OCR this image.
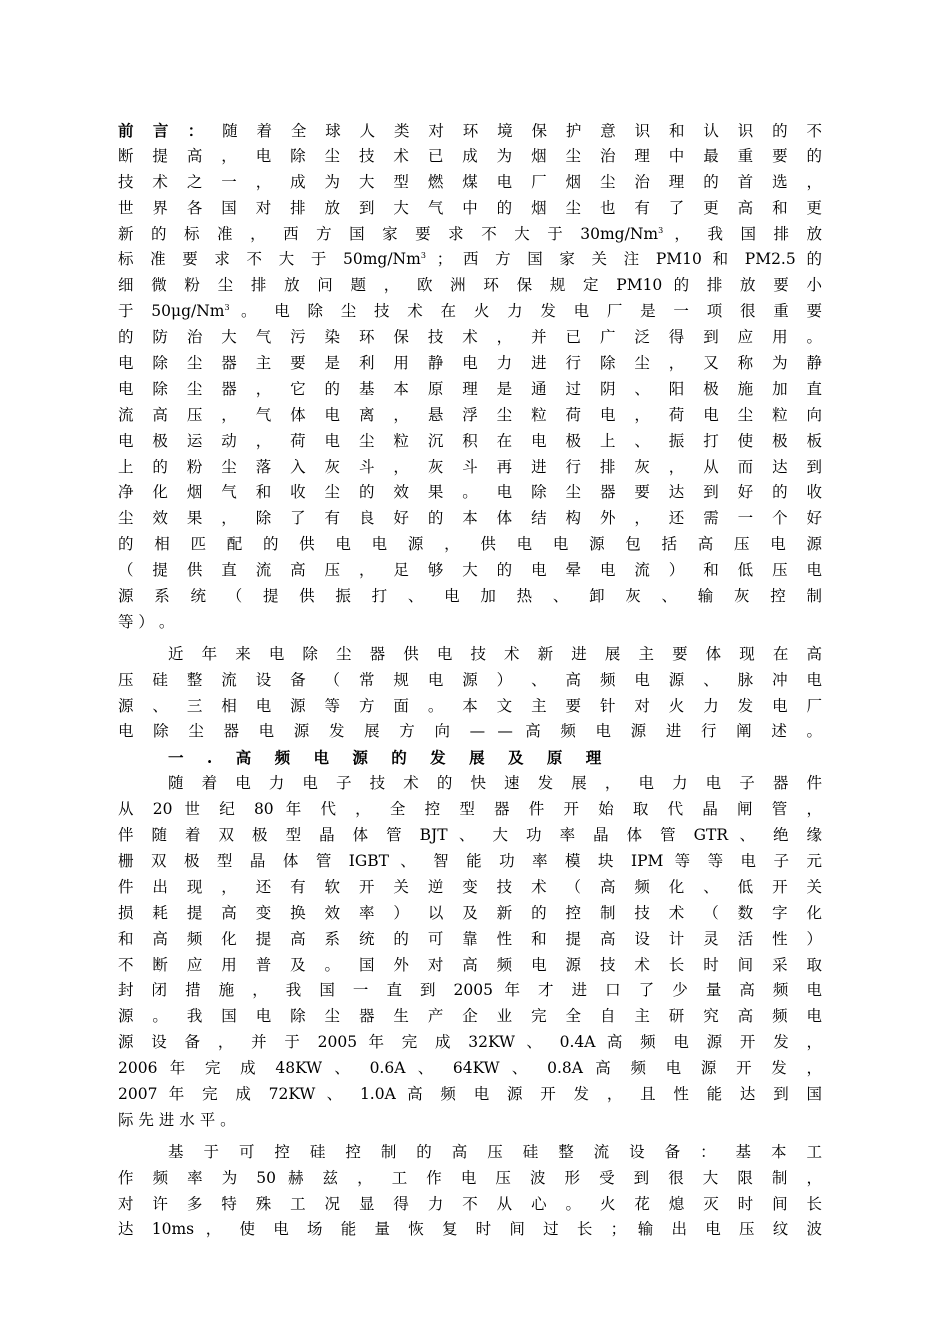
前 言 ： 随 着 全 球 人 类 对 环 境 保 护 意 识 和 认 识 的 不
断 提 高 ， 电 除 尘 技 术 已 成 为 烟 尘 治 理 中 最 重 要 的
技 术 之 一 ， 成 为 大 型 燃 煤 电 厂 烟 尘 治 理 的 首 选 ，
世 界 各 国 对 排 放 到 大 气 中 的 烟 尘 也 有 了 更 高 和 更
新 的 标 准 ， 西 方 国 家 要 求 不 大 于 30mg/Nm$^3$ ， 我 国 排 放
标 准 要 求 不 大 于 50mg/Nm$^3$ ； 西 方 国 家 关 注 PM10 和 PM2.5 的
细 微 粉 尘 排 放 问 题 ， 欧 洲 环 保 规 定 PM10 的 排 放 要 小
于 50μg/Nm$^3$ 。 电 除 尘 技 术 在 火 力 发 电 厂 是 一 项 很 重 要
的 防 治 大 气 污 染 环 保 技 术 ， 并 已 广 泛 得 到 应 用 。
电 除 尘 器 主 要 是 利 用 静 电 力 进 行 除 尘 ， 又 称 为 静
电 除 尘 器 ， 它 的 基 本 原 理 是 通 过 阴 、 阳 极 施 加 直
流 高 压 ， 气 体 电 离 ， 悬 浮 尘 粒 荷 电 ， 荷 电 尘 粒 向
电 极 运 动 ， 荷 电 尘 粒 沉 积 在 电 极 上 、 振 打 使 极 板
上 的 粉 尘 落 入 灰 斗 ， 灰 斗 再 进 行 排 灰 ， 从 而 达 到
净 化 烟 气 和 收 尘 的 效 果 。 电 除 尘 器 要 达 到 好 的 收
尘 效 果 ， 除 了 有 良 好 的 本 体 结 构 外 ， 还 需 一 个 好
的 相 匹 配 的 供 电 电 源 ， 供 电 电 源 包 括 高 压 电 源
（ 提 供 直 流 高 压 ， 足 够 大 的 电 晕 电 流 ） 和 低 压 电
源 系 统 （ 提 供 振 打 、 电 加 热 、 卸 灰 、 输 灰 控 制
等 ） 。
近 年 来 电 除 尘 器 供 电 技 术 新 进 展 主 要 体 现 在 高
压 硅 整 流 设 备 （ 常 规 电 源 ） 、 高 频 电 源 、 脉 冲 电
源 、 三 相 电 源 等 方 面 。 本 文 主 要 针 对 火 力 发 电 厂
电 除 尘 器 电 源 发 展 方 向 — — 高 频 电 源 进 行 阐 述 。
一 . 高 频 电 源 的 发 展 及 原 理
随 着 电 力 电 子 技 术 的 快 速 发 展 ， 电 力 电 子 器 件
从 20 世 纪 80 年 代 ， 全 控 型 器 件 开 始 取 代 晶 闸 管 ，
伴 随 着 双 极 型 晶 体 管 BJT 、 大 功 率 晶 体 管 GTR 、 绝 缘
栅 双 极 型 晶 体 管 IGBT 、 智 能 功 率 模 块 IPM 等 等 电 子 元
件 出 现 ， 还 有 软 开 关 逆 变 技 术 （ 高 频 化 、 低 开 关
损 耗 提 高 变 换 效 率 ） 以 及 新 的 控 制 技 术 （ 数 字 化
和 高 频 化 提 高 系 统 的 可 靠 性 和 提 高 设 计 灵 活 性 ）
不 断 应 用 普 及 。 国 外 对 高 频 电 源 技 术 长 时 间 采 取
封 闭 措 施 ， 我 国 一 直 到 2005 年 才 进 口 了 少 量 高 频 电
源 。 我 国 电 除 尘 器 生 产 企 业 完 全 自 主 研 究 高 频 电
源 设 备 ， 并 于 2005 年 完 成 32KW 、 0.4A 高 频 电 源 开 发 ，
2006 年 完 成 48KW 、 0.6A 、 64KW 、 0.8A 高 频 电 源 开 发 ，
2007 年 完 成 72KW 、 1.0A 高 频 电 源 开 发 ， 且 性 能 达 到 国
际 先 进 水 平 。
基 于 可 控 硅 控 制 的 高 压 硅 整 流 设 备 ： 基 本 工
作 频 率 为 50 赫 兹 ， 工 作 电 压 波 形 受 到 很 大 限 制 ，
对 许 多 特 殊 工 况 显 得 力 不 从 心 。 火 花 熄 灭 时 间 长
达 10ms ， 使 电 场 能 量 恢 复 时 间 过 长 ； 输 出 电 压 纹 波
